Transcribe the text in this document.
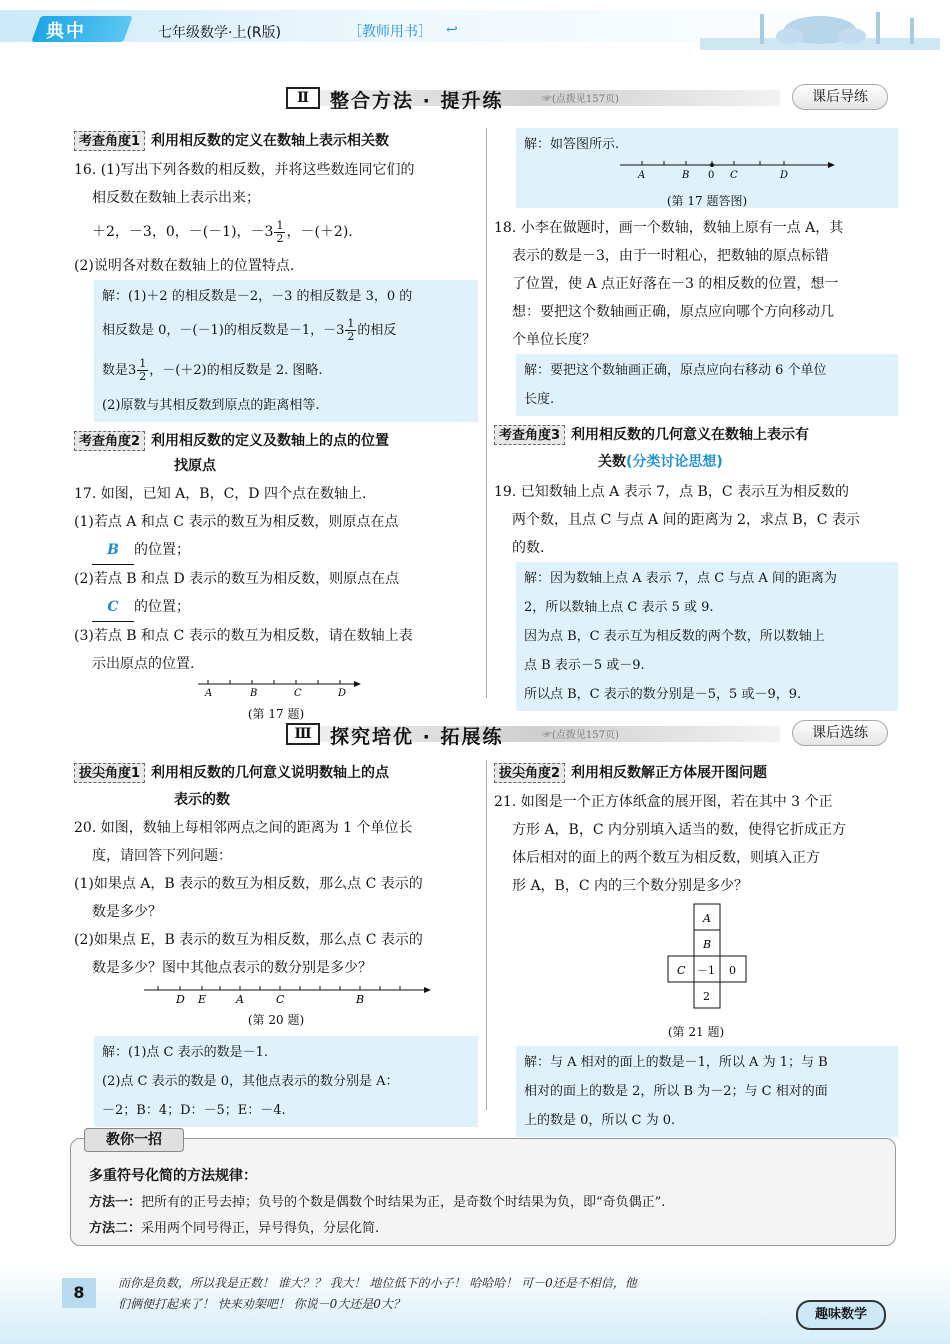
典中	七年级数学·上(R版)	［教师用书］ ↩
Ⅱ	整合方法 · 提升练	☞(点拨见157页)	课后导练
考查角度1 利用相反数的定义在数轴上表示相关数
16. (1)写出下列各数的相反数，并将这些数连同它们的
相反数在数轴上表示出来；
＋2，－3，0，－(－1)，$-3 \frac{1}{2}$ ，－(＋2).
(2)说明各对数在数轴上的位置特点.
解：(1)＋2 的相反数是－2，－3 的相反数是 3，0 的
相反数是 0，－(－1)的相反数是－1，$-3 \frac{1}{2}$ 的相反
数是$3 \frac{1}{2}$ ，－(＋2)的相反数是 2. 图略.
(2)原数与其相反数到原点的距离相等.
考查角度2 利用相反数的定义及数轴上的点的位置
找原点
17. 如图，已知 A，B，C，D 四个点在数轴上.
(1)若点 A 和点 C 表示的数互为相反数，则原点在点
B 的位置；
(2)若点 B 和点 D 表示的数互为相反数，则原点在点
C 的位置；
(3)若点 B 和点 C 表示的数互为相反数，请在数轴上表
示出原点的位置.
A	B	C	D
(第 17 题)
解：如答图所示.
A	B 0 C	D
(第 17 题答图)
18. 小李在做题时，画一个数轴，数轴上原有一点 A，其
表示的数是－3，由于一时粗心，把数轴的原点标错
了位置，使 A 点正好落在－3 的相反数的位置，想一
想：要把这个数轴画正确，原点应向哪个方向移动几
个单位长度？
解：要把这个数轴画正确，原点应向右移动 6 个单位
长度.
考查角度3 利用相反数的几何意义在数轴上表示有
关数(分类讨论思想)
19. 已知数轴上点 A 表示 7，点 B，C 表示互为相反数的
两个数，且点 C 与点 A 间的距离为 2，求点 B，C 表示
的数.
解：因为数轴上点 A 表示 7，点 C 与点 A 间的距离为
2，所以数轴上点 C 表示 5 或 9.
因为点 B，C 表示互为相反数的两个数，所以数轴上
点 B 表示－5 或－9.
所以点 B，C 表示的数分别是－5，5 或－9，9.
Ⅲ 探究培优 · 拓展练	☞(点拨见157页)	课后选练
拔尖角度1 利用相反数的几何意义说明数轴上的点
表示的数
20. 如图，数轴上每相邻两点之间的距离为 1 个单位长
度，请回答下列问题：
(1)如果点 A，B 表示的数互为相反数，那么点 C 表示的
数是多少？
(2)如果点 E，B 表示的数互为相反数，那么点 C 表示的
数是多少？图中其他点表示的数分别是多少？
D E	A	C	B
(第 20 题)
解：(1)点 C 表示的数是－1.
(2)点 C 表示的数是 0，其他点表示的数分别是 A：
－2；B：4；D：－5；E：－4.
拔尖角度2 利用相反数解正方体展开图问题
21. 如图是一个正方体纸盒的展开图，若在其中 3 个正
方形 A，B，C 内分别填入适当的数，使得它折成正方
体后相对的面上的两个数互为相反数，则填入正方
形 A，B，C 内的三个数分别是多少？
A
B
C －1 0
2
(第 21 题)
解：与 A 相对的面上的数是－1，所以 A 为 1；与 B
相对的面上的数是 2，所以 B 为－2；与 C 相对的面
上的数是 0，所以 C 为 0.
多重符号化简的方法规律：
方法一：把所有的正号去掉；负号的个数是偶数个时结果为正，是奇数个时结果为负，即“奇负偶正”.
方法二：采用两个同号得正，异号得负，分层化简.
教你一招
8	而你是负数，所以我是正数！ 谁大？？ 我大！ 地位低下的小子！ 哈哈哈！ 可－0还是不相信，他
们俩便打起来了！ 快来劝架吧！ 你说－0大还是0大？
趣味数学
